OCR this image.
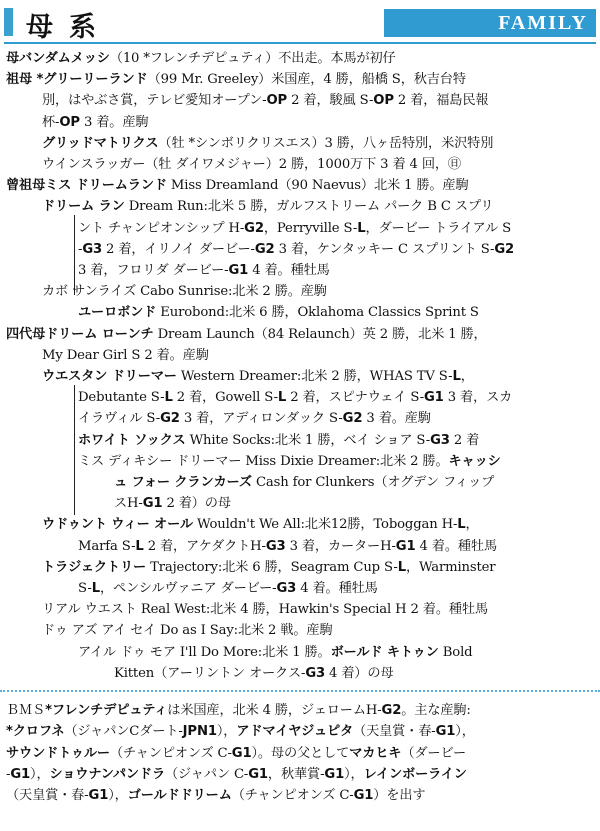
母系	FAMILY
母バンダムメッシ（10 *フレンチデピュティ）不出走。本馬が初仔
祖母 *グリーリーランド（99 Mr. Greeley）米国産，4 勝，船橋 S，秋吉台特
別，はやぶさ賞，テレビ愛知オープン-OP 2 着，駿風 S-OP 2 着，福島民報
杯-OP 3 着。産駒
グリッドマトリクス（牡 *シンボリクリスエス）3 勝，八ヶ岳特別，米沢特別
ウインスラッガー（牡 ダイワメジャー）2 勝，1000万下 3 着 4 回，㊐
曾祖母ミス ドリームランド Miss Dreamland（90 Naevus）北米 1 勝。産駒
ドリーム ラン Dream Run:北米 5 勝，ガルフストリーム パーク B C スプリ
ント チャンピオンシップ H-G2，Perryville S-L，ダービー トライアル S
-G3 2 着，イリノイ ダービー-G2 3 着，ケンタッキー C スプリント S-G2
3 着，フロリダ ダービー-G1 4 着。種牡馬
カボ サンライズ Cabo Sunrise:北米 2 勝。産駒
ユーロボンド Eurobond:北米 6 勝，Oklahoma Classics Sprint S
四代母ドリーム ローンチ Dream Launch（84 Relaunch）英 2 勝，北米 1 勝，
My Dear Girl S 2 着。産駒
ウエスタン ドリーマー Western Dreamer:北米 2 勝，WHAS TV S-L，
Debutante S-L 2 着，Gowell S-L 2 着，スピナウェイ S-G1 3 着，スカ
イラヴィル S-G2 3 着，アディロンダック S-G2 3 着。産駒
ホワイト ソックス White Socks:北米 1 勝，ベイ ショア S-G3 2 着
ミス ディキシー ドリーマー Miss Dixie Dreamer:北米 2 勝。キャッシ
ュ フォー クランカーズ Cash for Clunkers（オグデン フィップ
スH-G1 2 着）の母
ウドゥント ウィー オール Wouldn't We All:北米12勝，Toboggan H-L，
Marfa S-L 2 着，アケダクトH-G3 3 着，カーターH-G1 4 着。種牡馬
トラジェクトリー Trajectory:北米 6 勝，Seagram Cup S-L，Warminster
S-L，ペンシルヴァニア ダービー-G3 4 着。種牡馬
リアル ウエスト Real West:北米 4 勝，Hawkin's Special H 2 着。種牡馬
ドゥ アズ アイ セイ Do as I Say:北米 2 戦。産駒
アイル ドゥ モア I'll Do More:北米 1 勝。ボールド キトゥン Bold
Kitten（アーリントン オークス-G3 4 着）の母
ＢＭＳ*フレンチデピュティは米国産，北米 4 勝，ジェロームH-G2。主な産駒:
*クロフネ（ジャパンCダート-JPN1），アドマイヤジュピタ（天皇賞・春-G1），
サウンドトゥルー（チャンピオンズ C-G1）。母の父としてマカヒキ（ダービー
-G1），ショウナンパンドラ（ジャパン C-G1，秋華賞-G1），レインボーライン
（天皇賞・春-G1），ゴールドドリーム（チャンピオンズ C-G1）を出す
